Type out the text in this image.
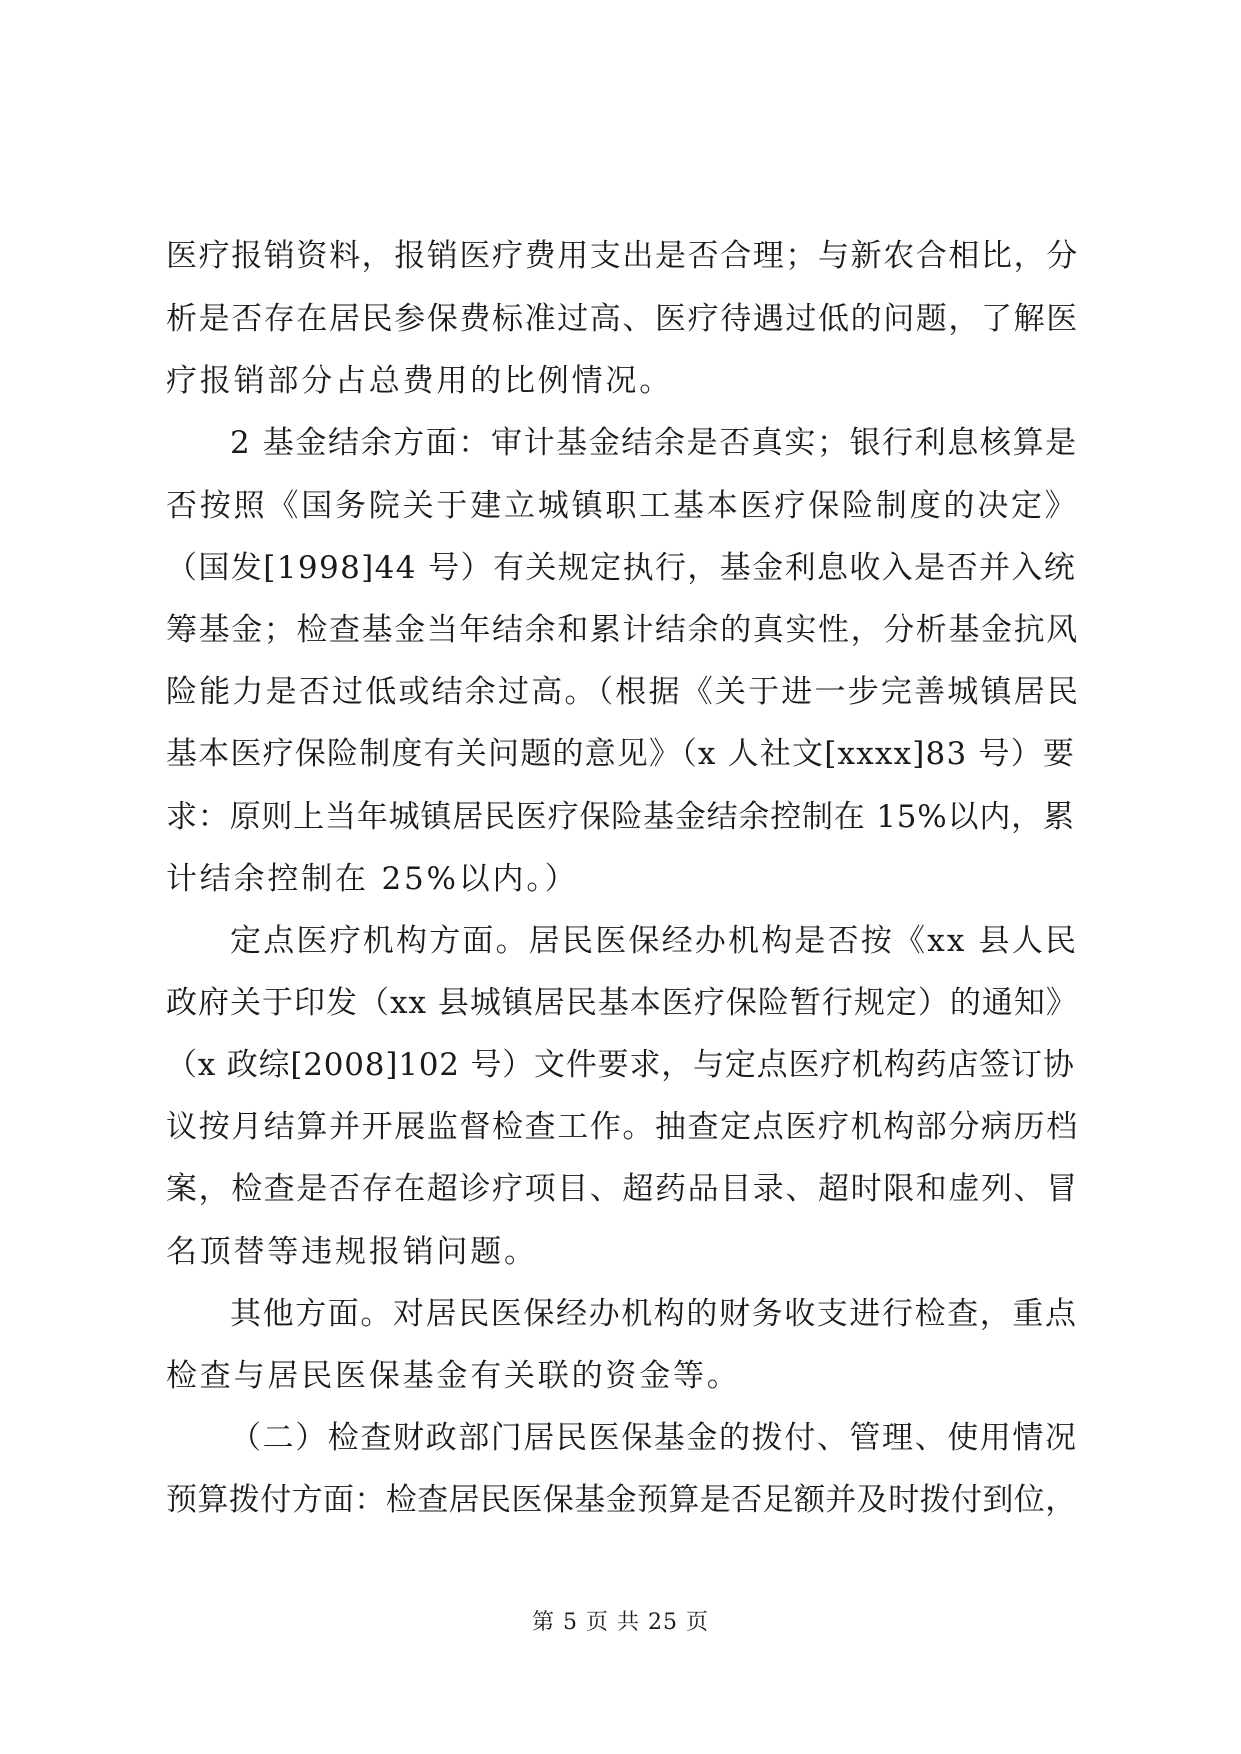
医疗报销资料，报销医疗费用支出是否合理；与新农合相比，分
析是否存在居民参保费标准过高、医疗待遇过低的问题，了解医
疗报销部分占总费用的比例情况。
2 基金结余方面：审计基金结余是否真实；银行利息核算是
否按照《国务院关于建立城镇职工基本医疗保险制度的决定》
（国发[1998]44 号）有关规定执行，基金利息收入是否并入统
筹基金；检查基金当年结余和累计结余的真实性，分析基金抗风
险能力是否过低或结余过高。（根据《关于进一步完善城镇居民
基本医疗保险制度有关问题的意见》（x 人社文[xxxx]83 号）要
求：原则上当年城镇居民医疗保险基金结余控制在 15%以内，累
计结余控制在 25%以内。）
定点医疗机构方面。居民医保经办机构是否按《xx 县人民
政府关于印发（xx 县城镇居民基本医疗保险暂行规定）的通知》
（x 政综[2008]102 号）文件要求，与定点医疗机构药店签订协
议按月结算并开展监督检查工作。抽查定点医疗机构部分病历档
案，检查是否存在超诊疗项目、超药品目录、超时限和虚列、冒
名顶替等违规报销问题。
其他方面。对居民医保经办机构的财务收支进行检查，重点
检查与居民医保基金有关联的资金等。
（二）检查财政部门居民医保基金的拨付、管理、使用情况
预算拨付方面：检查居民医保基金预算是否足额并及时拨付到位，
第 5 页 共 25 页
